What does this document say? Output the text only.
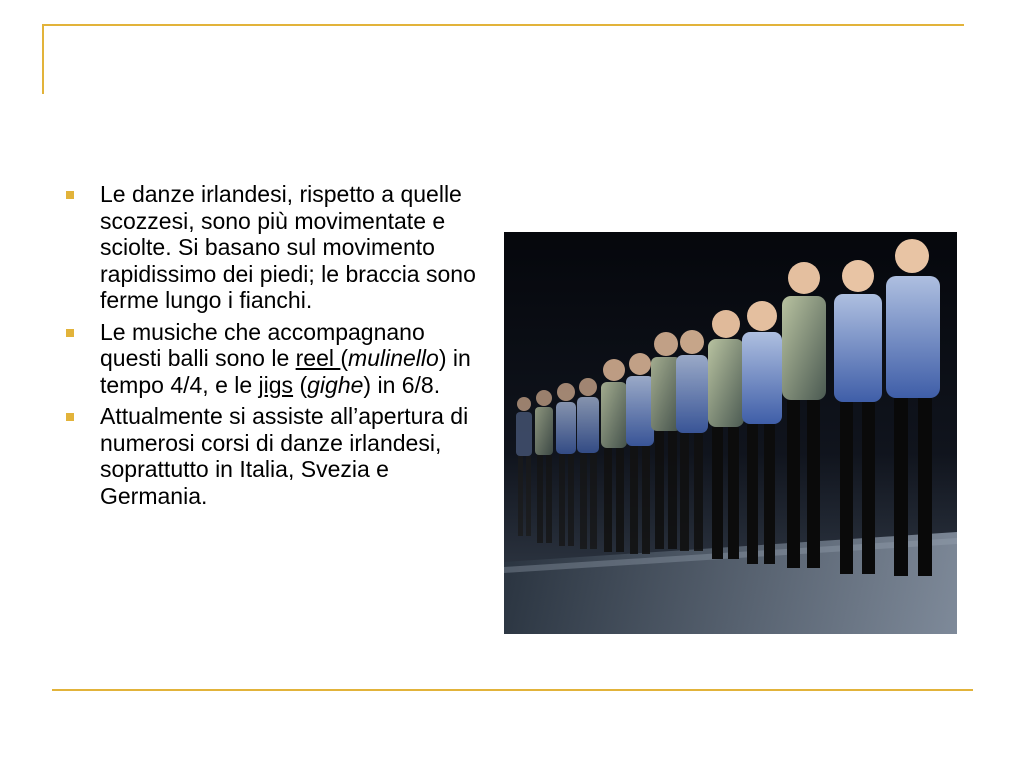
Le danze irlandesi, rispetto a quelle scozzesi, sono più movimentate e sciolte. Si basano sul movimento rapidissimo dei piedi; le braccia sono ferme lungo i fianchi.
Le musiche che accompagnano questi balli sono le reel (mulinello) in tempo 4/4, e le jigs (gighe) in 6/8.
Attualmente si assiste all’apertura di numerosi corsi di danze irlandesi, soprattutto in Italia, Svezia e Germania.
